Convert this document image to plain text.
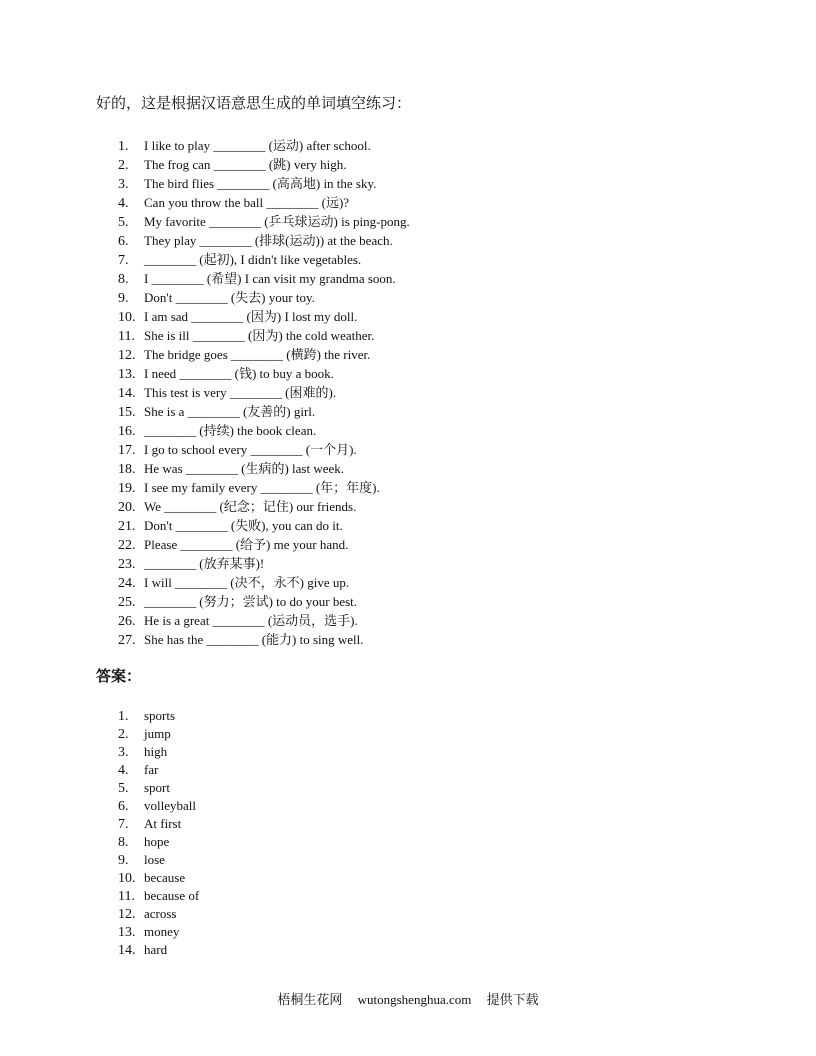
好的，这是根据汉语意思生成的单词填空练习：
1. I like to play ________ (运动) after school.
2. The frog can ________ (跳) very high.
3. The bird flies ________ (高高地) in the sky.
4. Can you throw the ball ________ (远)?
5. My favorite ________ (乒乓球运动) is ping-pong.
6. They play ________ (排球(运动)) at the beach.
7. ________ (起初), I didn't like vegetables.
8. I ________ (希望) I can visit my grandma soon.
9. Don't ________ (失去) your toy.
10. I am sad ________ (因为) I lost my doll.
11. She is ill ________ (因为) the cold weather.
12. The bridge goes ________ (横跨) the river.
13. I need ________ (钱) to buy a book.
14. This test is very ________ (困难的).
15. She is a ________ (友善的) girl.
16. ________ (持续) the book clean.
17. I go to school every ________ (一个月).
18. He was ________ (生病的) last week.
19. I see my family every ________ (年；年度).
20. We ________ (纪念；记住) our friends.
21. Don't ________ (失败), you can do it.
22. Please ________ (给予) me your hand.
23. ________ (放弃某事)!
24. I will ________ (决不，永不) give up.
25. ________ (努力；尝试) to do your best.
26. He is a great ________ (运动员，选手).
27. She has the ________ (能力) to sing well.
答案：
1. sports
2. jump
3. high
4. far
5. sport
6. volleyball
7. At first
8. hope
9. lose
10. because
11. because of
12. across
13. money
14. hard
梧桐生花网 wutongshenghua.com 提供下载
